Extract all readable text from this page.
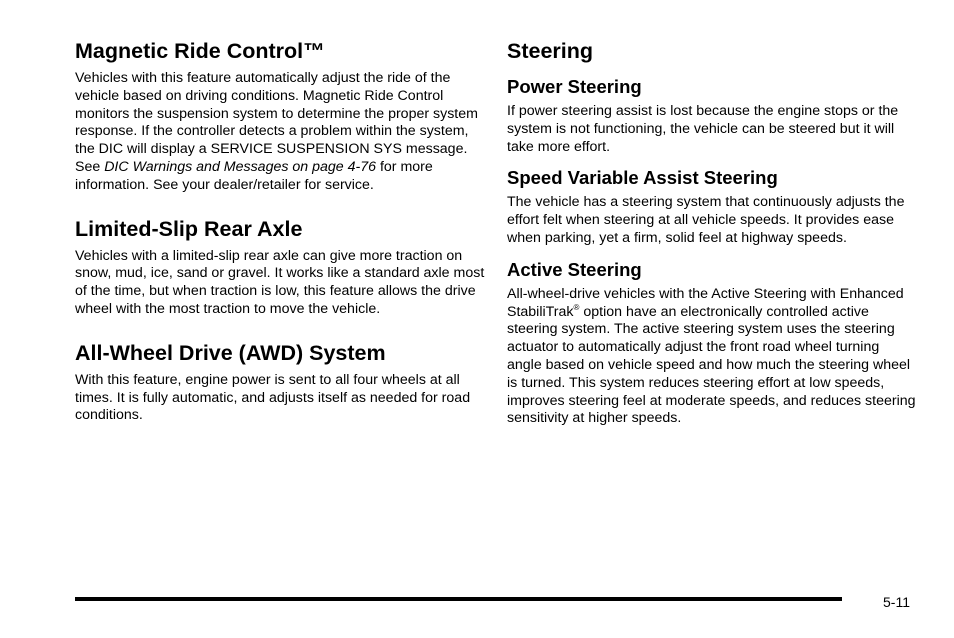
Magnetic Ride Control™

Vehicles with this feature automatically adjust the ride of the vehicle based on driving conditions. Magnetic Ride Control monitors the suspension system to determine the proper system response. If the controller detects a problem within the system, the DIC will display a SERVICE SUSPENSION SYS message. See DIC Warnings and Messages on page 4-76 for more information. See your dealer/retailer for service.

Limited-Slip Rear Axle

Vehicles with a limited-slip rear axle can give more traction on snow, mud, ice, sand or gravel. It works like a standard axle most of the time, but when traction is low, this feature allows the drive wheel with the most traction to move the vehicle.

All-Wheel Drive (AWD) System

With this feature, engine power is sent to all four wheels at all times. It is fully automatic, and adjusts itself as needed for road conditions.

Steering
Power Steering

If power steering assist is lost because the engine stops or the system is not functioning, the vehicle can be steered but it will take more effort.

Speed Variable Assist Steering

The vehicle has a steering system that continuously adjusts the effort felt when steering at all vehicle speeds. It provides ease when parking, yet a firm, solid feel at highway speeds.

Active Steering

All-wheel-drive vehicles with the Active Steering with Enhanced StabiliTrak® option have an electronically controlled active steering system. The active steering system uses the steering actuator to automatically adjust the front road wheel turning angle based on vehicle speed and how much the steering wheel is turned. This system reduces steering effort at low speeds, improves steering feel at moderate speeds, and reduces steering sensitivity at higher speeds.

5-11
